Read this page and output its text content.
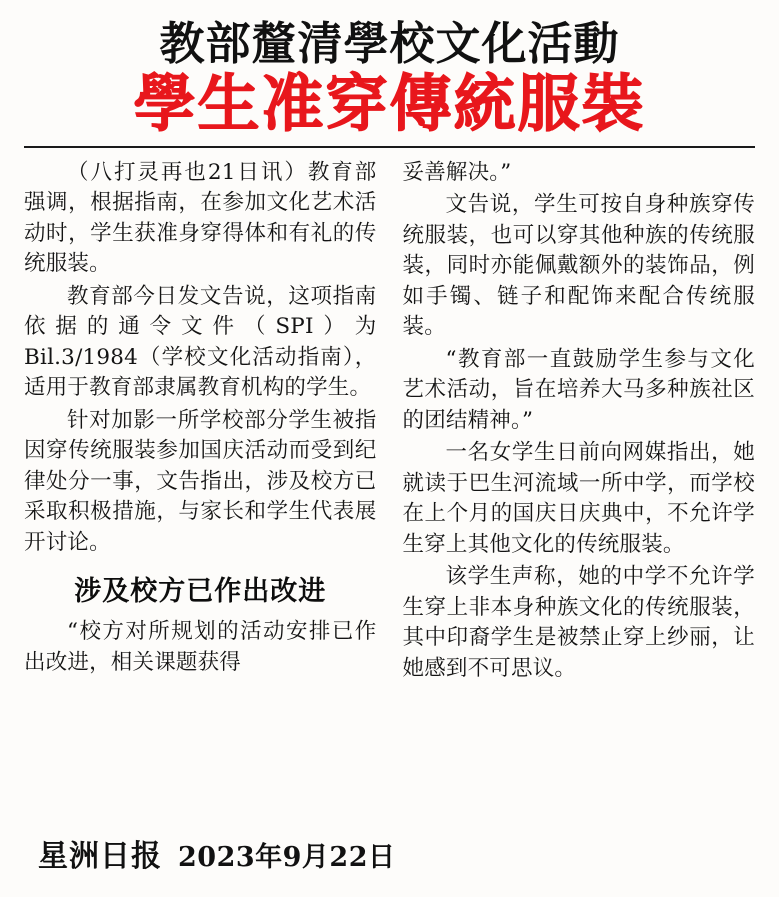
教部釐清學校文化活動
學生准穿傳統服裝

（八打灵再也21日讯）教育部强调，根据指南，在参加文化艺术活动时，学生获准身穿得体和有礼的传统服装。

教育部今日发文告说，这项指南依据的通令文件（SPI）为Bil.3/1984（学校文化活动指南），适用于教育部隶属教育机构的学生。

针对加影一所学校部分学生被指因穿传统服装参加国庆活动而受到纪律处分一事，文告指出，涉及校方已采取积极措施，与家长和学生代表展开讨论。

涉及校方已作出改进

“校方对所规划的活动安排已作出改进，相关课题获得

妥善解决。”

文告说，学生可按自身种族穿传统服装，也可以穿其他种族的传统服装，同时亦能佩戴额外的装饰品，例如手镯、链子和配饰来配合传统服装。

“教育部一直鼓励学生参与文化艺术活动，旨在培养大马多种族社区的团结精神。”

一名女学生日前向网媒指出，她就读于巴生河流域一所中学，而学校在上个月的国庆日庆典中，不允许学生穿上其他文化的传统服装。

该学生声称，她的中学不允许学生穿上非本身种族文化的传统服装，其中印裔学生是被禁止穿上纱丽，让她感到不可思议。

星洲日报 2023年9月22日
